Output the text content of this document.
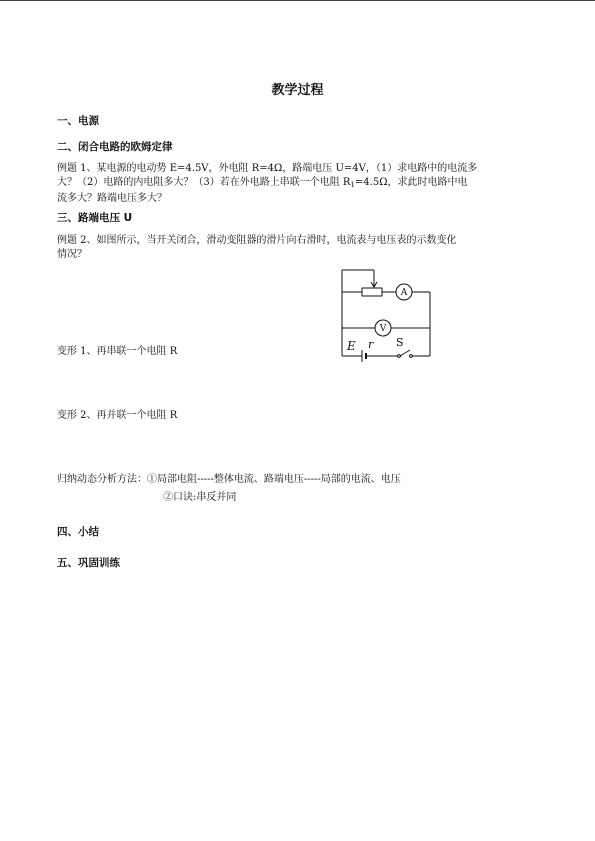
教学过程
一、电源
二、闭合电路的欧姆定律
例题 1、某电源的电动势 E=4.5V，外电阻 R=4Ω，路端电压 U=4V，（1）求电路中的电流多
大？（2）电路的内电阻多大？（3）若在外电路上串联一个电阻 $R_1=4.5\Omega$，求此时电路中电
流多大？路端电压多大？
三、路端电压 U
例题 2、如图所示，当开关闭合，滑动变阻器的滑片向右滑时，电流表与电压表的示数变化
情况？
A
V
E r S
变形 1、再串联一个电阻 R
变形 2、再并联一个电阻 R
归纳动态分析方法：①局部电阻-----整体电流、路端电压-----局部的电流、电压
②口诀:串反并同
四、小结
五、巩固训练
